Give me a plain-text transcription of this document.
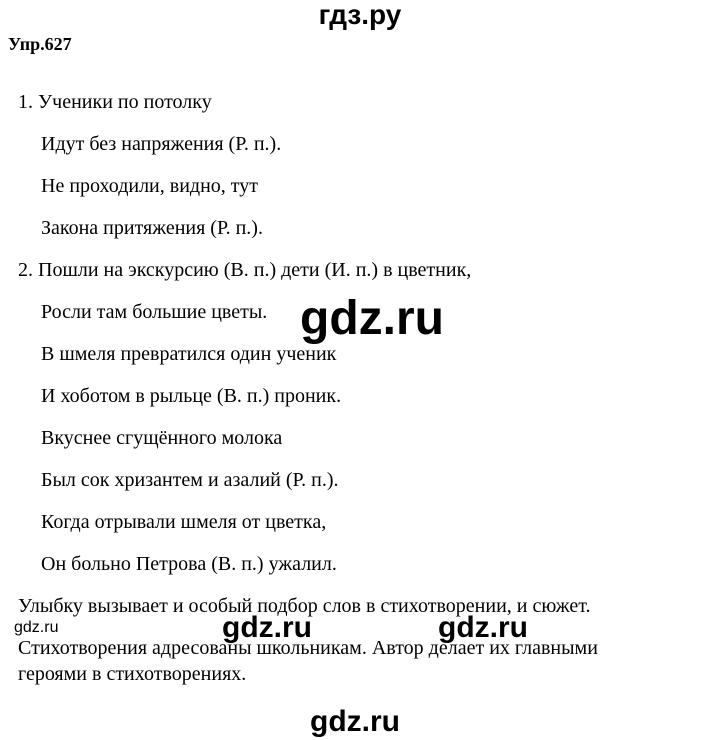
гдз.ру
Упр.627
1. Ученики по потолку
Идут без напряжения (Р. п.).
Не проходили, видно, тут
Закона притяжения (Р. п.).
2. Пошли на экскурсию (В. п.) дети (И. п.) в цветник,
Росли там большие цветы.
В шмеля превратился один ученик
И хоботом в рыльце (В. п.) проник.
Вкуснее сгущённого молока
Был сок хризантем и азалий (Р. п.).
Когда отрывали шмеля от цветка,
Он больно Петрова (В. п.) ужалил.
Улыбку вызывает и особый подбор слов в стихотворении, и сюжет.
Стихотворения адресованы школьникам. Автор делает их главными
героями в стихотворениях.
gdz.ru
gdz.ru	gdz.ru	gdz.ru
gdz.ru
